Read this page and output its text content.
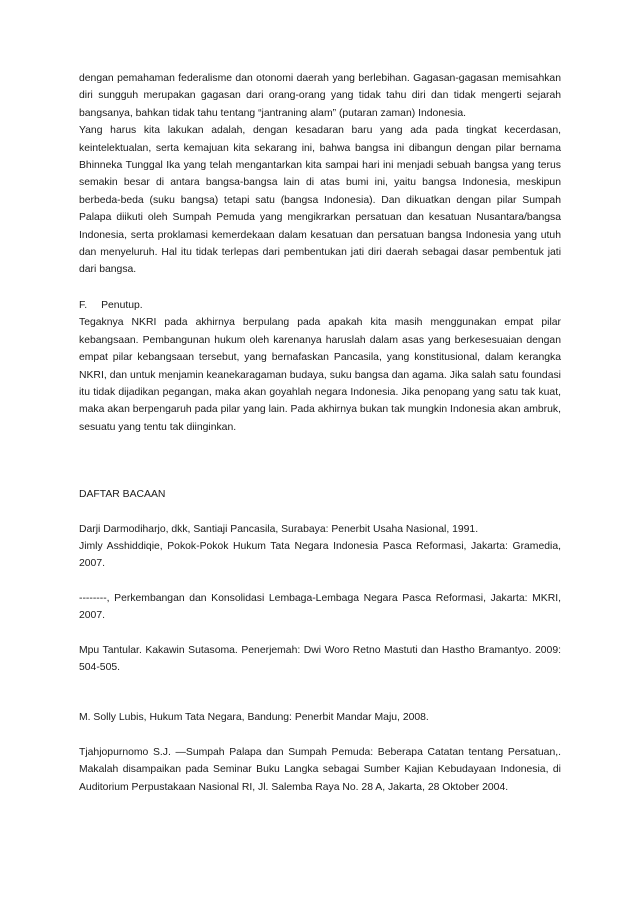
dengan pemahaman federalisme dan otonomi daerah yang berlebihan. Gagasan-gagasan memisahkan diri sungguh merupakan gagasan dari orang-orang yang tidak tahu diri dan tidak mengerti sejarah bangsanya, bahkan tidak tahu tentang “jantraning alam” (putaran zaman) Indonesia.

Yang harus kita lakukan adalah, dengan kesadaran baru yang ada pada tingkat kecerdasan, keintelektualan, serta kemajuan kita sekarang ini, bahwa bangsa ini dibangun dengan pilar bernama Bhinneka Tunggal Ika yang telah mengantarkan kita sampai hari ini menjadi sebuah bangsa yang terus semakin besar di antara bangsa-bangsa lain di atas bumi ini, yaitu bangsa Indonesia, meskipun berbeda-beda (suku bangsa) tetapi satu (bangsa Indonesia). Dan dikuatkan dengan pilar Sumpah Palapa diikuti oleh Sumpah Pemuda yang mengikrarkan persatuan dan kesatuan Nusantara/bangsa Indonesia, serta proklamasi kemerdekaan dalam kesatuan dan persatuan bangsa Indonesia yang utuh dan menyeluruh. Hal itu tidak terlepas dari pembentukan jati diri daerah sebagai dasar pembentuk jati dari bangsa.

F. Penutup.

Tegaknya NKRI pada akhirnya berpulang pada apakah kita masih menggunakan empat pilar kebangsaan. Pembangunan hukum oleh karenanya haruslah dalam asas yang berkesesuaian dengan empat pilar kebangsaan tersebut, yang bernafaskan Pancasila, yang konstitusional, dalam kerangka NKRI, dan untuk menjamin keanekaragaman budaya, suku bangsa dan agama. Jika salah satu foundasi itu tidak dijadikan pegangan, maka akan goyahlah negara Indonesia. Jika penopang yang satu tak kuat, maka akan berpengaruh pada pilar yang lain. Pada akhirnya bukan tak mungkin Indonesia akan ambruk, sesuatu yang tentu tak diinginkan.

DAFTAR BACAAN

Darji Darmodiharjo, dkk, Santiaji Pancasila, Surabaya: Penerbit Usaha Nasional, 1991.

Jimly Asshiddiqie, Pokok-Pokok Hukum Tata Negara Indonesia Pasca Reformasi, Jakarta: Gramedia, 2007.

--------, Perkembangan dan Konsolidasi Lembaga-Lembaga Negara Pasca Reformasi, Jakarta: MKRI, 2007.

Mpu Tantular. Kakawin Sutasoma. Penerjemah: Dwi Woro Retno Mastuti dan Hastho Bramantyo. 2009: 504-505.

M. Solly Lubis, Hukum Tata Negara, Bandung: Penerbit Mandar Maju, 2008.

Tjahjopurnomo S.J. —Sumpah Palapa dan Sumpah Pemuda: Beberapa Catatan tentang Persatuan,. Makalah disampaikan pada Seminar Buku Langka sebagai Sumber Kajian Kebudayaan Indonesia, di Auditorium Perpustakaan Nasional RI, Jl. Salemba Raya No. 28 A, Jakarta, 28 Oktober 2004.
